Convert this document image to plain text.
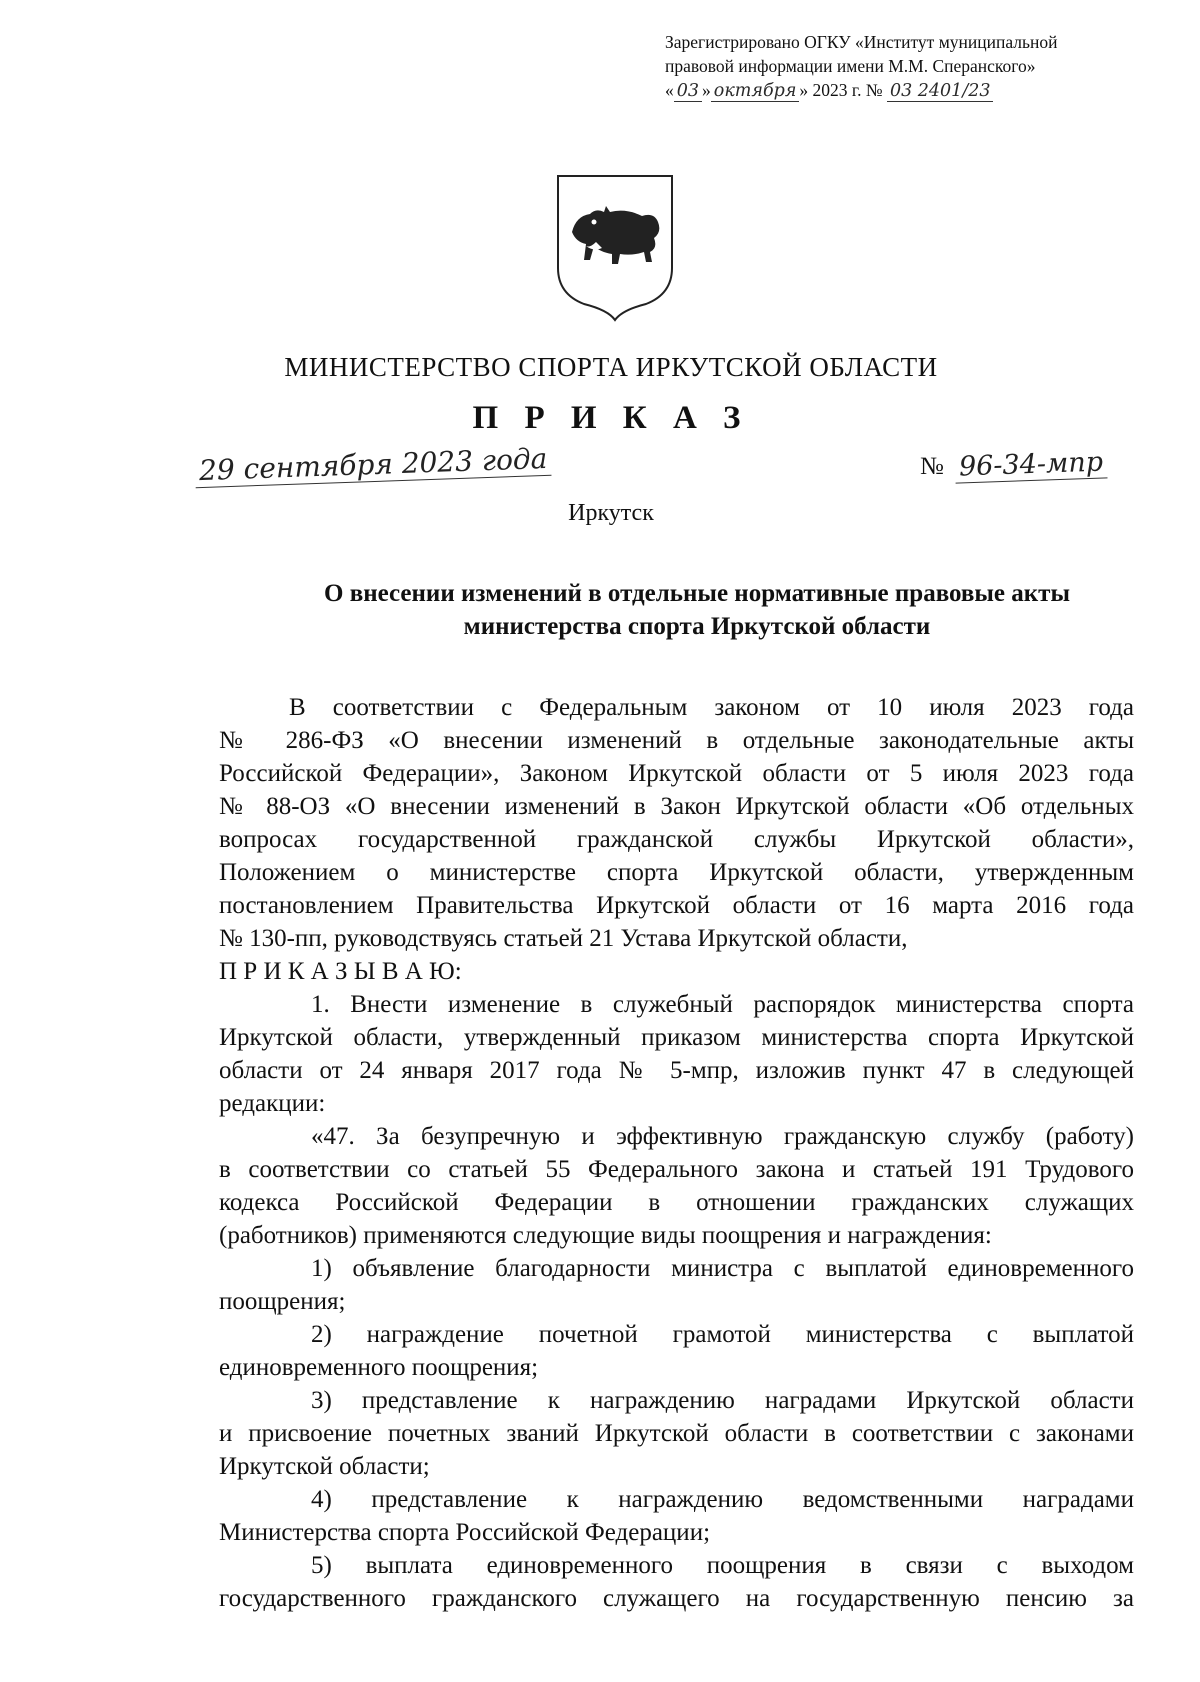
Зарегистрировано ОГКУ «Институт муниципальной
правовой информации имени М.М. Сперанского»
« 03 » октября » 2023 г. № 03 2401/23
МИНИСТЕРСТВО СПОРТА ИРКУТСКОЙ ОБЛАСТИ
П Р И К А З
29 сентября 2023 года	№ 96-34-мпр
Иркутск
О внесении изменений в отдельные нормативные правовые акты
министерства спорта Иркутской области

В соответствии с Федеральным законом от 10 июля 2023 года

№ 286-ФЗ «О внесении изменений в отдельные законодательные акты

Российской Федерации», Законом Иркутской области от 5 июля 2023 года

№ 88-ОЗ «О внесении изменений в Закон Иркутской области «Об отдельных

вопросах государственной гражданской службы Иркутской области»,

Положением о министерстве спорта Иркутской области, утвержденным

постановлением Правительства Иркутской области от 16 марта 2016 года

№ 130-пп, руководствуясь статьей 21 Устава Иркутской области,

П Р И К А З Ы В А Ю:

1. Внести изменение в служебный распорядок министерства спорта

Иркутской области, утвержденный приказом министерства спорта Иркутской

области от 24 января 2017 года № 5-мпр, изложив пункт 47 в следующей

редакции:

«47. За безупречную и эффективную гражданскую службу (работу)

в соответствии со статьей 55 Федерального закона и статьей 191 Трудового

кодекса Российской Федерации в отношении гражданских служащих

(работников) применяются следующие виды поощрения и награждения:

1) объявление благодарности министра с выплатой единовременного

поощрения;

2) награждение почетной грамотой министерства с выплатой

единовременного поощрения;

3) представление к награждению наградами Иркутской области

и присвоение почетных званий Иркутской области в соответствии с законами

Иркутской области;

4) представление к награждению ведомственными наградами

Министерства спорта Российской Федерации;

5) выплата единовременного поощрения в связи с выходом

государственного гражданского служащего на государственную пенсию за
